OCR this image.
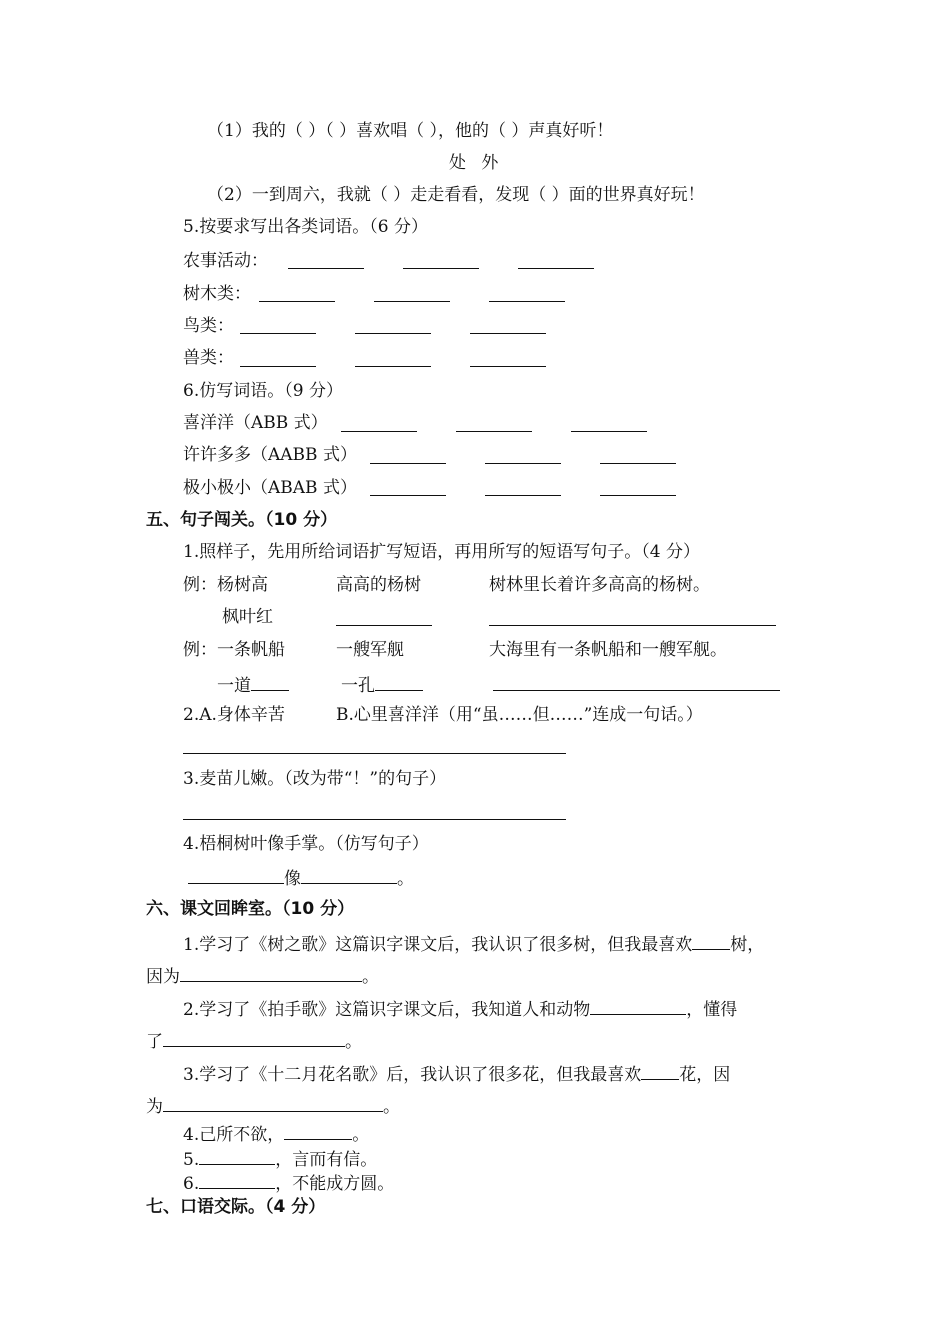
（1）我的（ ）（ ）喜欢唱（ ），他的（ ）声真好听！
处 外
（2）一到周六，我就（ ）走走看看，发现（ ）面的世界真好玩！
5.按要求写出各类词语。（6 分）
农事活动：
树木类：
鸟类：
兽类：
6.仿写词语。（9 分）
喜洋洋（ABB 式）
许许多多（AABB 式）
极小极小（ABAB 式）
五、句子闯关。（10 分）
1.照样子，先用所给词语扩写短语，再用所写的短语写句子。（4 分）
例：杨树高	高高的杨树	树林里长着许多高高的杨树。
枫叶红
例：一条帆船	一艘军舰	大海里有一条帆船和一艘军舰。
一道	一孔
2.A.身体辛苦	B.心里喜洋洋（用“虽……但……”连成一句话。）
3.麦苗儿嫩。（改为带“！”的句子）
4.梧桐树叶像手掌。（仿写句子）
像	。
六、课文回眸室。（10 分）
1.学习了《树之歌》这篇识字课文后，我认识了很多树，但我最喜欢 树，
因为	。
2.学习了《拍手歌》这篇识字课文后，我知道人和动物	，懂得
了	。
3.学习了《十二月花名歌》后，我认识了很多花，但我最喜欢 花，因
为	。
4.己所不欲，	。
5.	，言而有信。
6.	，不能成方圆。
七、口语交际。（4 分）
